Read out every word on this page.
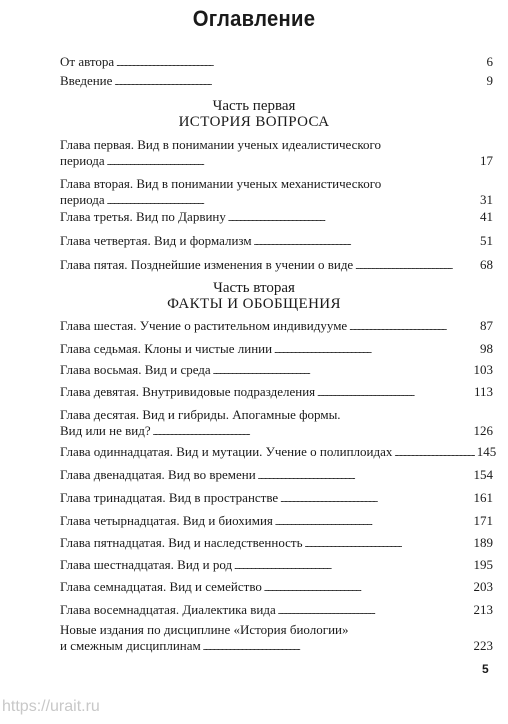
Оглавление
От автора . . .	6
Введение . . .	9
Часть первая
ИСТОРИЯ ВОПРОСА
Глава первая. Вид в понимании ученых идеалистического
периода . . .	17
Глава вторая. Вид в понимании ученых механистического
периода . . .	31
Глава третья. Вид по Дарвину . . .	41
Глава четвертая. Вид и формализм . . .	51
Глава пятая. Позднейшие изменения в учении о виде . . .	68
Часть вторая
ФАКТЫ И ОБОБЩЕНИЯ
Глава шестая. Учение о растительном индивидууме . . .	87
Глава седьмая. Клоны и чистые линии . . .	98
Глава восьмая. Вид и среда . . .	103
Глава девятая. Внутривидовые подразделения . . .	113
Глава десятая. Вид и гибриды. Апогамные формы.
Вид или не вид? . . .	126
Глава одиннадцатая. Вид и мутации. Учение о полиплоидах . . .	145
Глава двенадцатая. Вид во времени . . .	154
Глава тринадцатая. Вид в пространстве . . .	161
Глава четырнадцатая. Вид и биохимия . . .	171
Глава пятнадцатая. Вид и наследственность . . .	189
Глава шестнадцатая. Вид и род . . .	195
Глава семнадцатая. Вид и семейство . . .	203
Глава восемнадцатая. Диалектика вида . . .	213
Новые издания по дисциплине «История биологии»
и смежным дисциплинам . . .	223
5
https://urait.ru
